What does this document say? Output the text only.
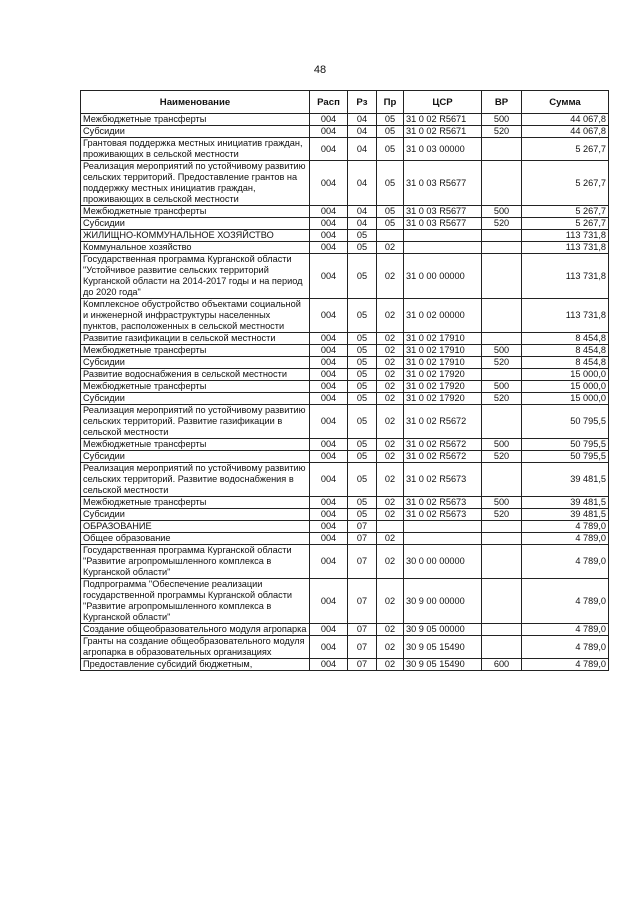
48
Наименование	Расп	Рз	Пр	ЦСР	ВР	Сумма
Межбюджетные трансферты	004	04	05	31 0 02 R5671	500	44 067,8
Субсидии	004	04	05	31 0 02 R5671	520	44 067,8
Грантовая поддержка местных инициатив граждан, проживающих в сельской местности	004	04	05	31 0 03 00000		5 267,7
Реализация мероприятий по устойчивому развитию сельских территорий. Предоставление грантов на поддержку местных инициатив граждан, проживающих в сельской местности	004	04	05	31 0 03 R5677		5 267,7
Межбюджетные трансферты	004	04	05	31 0 03 R5677	500	5 267,7
Субсидии	004	04	05	31 0 03 R5677	520	5 267,7
ЖИЛИЩНО-КОММУНАЛЬНОЕ ХОЗЯЙСТВО	004	05				113 731,8
Коммунальное хозяйство	004	05	02			113 731,8
Государственная программа Курганской области "Устойчивое развитие сельских территорий Курганской области на 2014-2017 годы и на период до 2020 года"	004	05	02	31 0 00 00000		113 731,8
Комплексное обустройство объектами социальной и инженерной инфраструктуры населенных пунктов, расположенных в сельской местности	004	05	02	31 0 02 00000		113 731,8
Развитие газификации в сельской местности	004	05	02	31 0 02 17910		8 454,8
Межбюджетные трансферты	004	05	02	31 0 02 17910	500	8 454,8
Субсидии	004	05	02	31 0 02 17910	520	8 454,8
Развитие водоснабжения в сельской местности	004	05	02	31 0 02 17920		15 000,0
Межбюджетные трансферты	004	05	02	31 0 02 17920	500	15 000,0
Субсидии	004	05	02	31 0 02 17920	520	15 000,0
Реализация мероприятий по устойчивому развитию сельских территорий. Развитие газификации в сельской местности	004	05	02	31 0 02 R5672		50 795,5
Межбюджетные трансферты	004	05	02	31 0 02 R5672	500	50 795,5
Субсидии	004	05	02	31 0 02 R5672	520	50 795,5
Реализация мероприятий по устойчивому развитию сельских территорий. Развитие водоснабжения в сельской местности	004	05	02	31 0 02 R5673		39 481,5
Межбюджетные трансферты	004	05	02	31 0 02 R5673	500	39 481,5
Субсидии	004	05	02	31 0 02 R5673	520	39 481,5
ОБРАЗОВАНИЕ	004	07				4 789,0
Общее образование	004	07	02			4 789,0
Государственная программа Курганской области "Развитие агропромышленного комплекса в Курганской области"	004	07	02	30 0 00 00000		4 789,0
Подпрограмма "Обеспечение реализации государственной программы Курганской области "Развитие агропромышленного комплекса в Курганской области"	004	07	02	30 9 00 00000		4 789,0
Создание общеобразовательного модуля агропарка	004	07	02	30 9 05 00000		4 789,0
Гранты на создание общеобразовательного модуля агропарка в образовательных организациях	004	07	02	30 9 05 15490		4 789,0
Предоставление субсидий бюджетным,	004	07	02	30 9 05 15490	600	4 789,0
